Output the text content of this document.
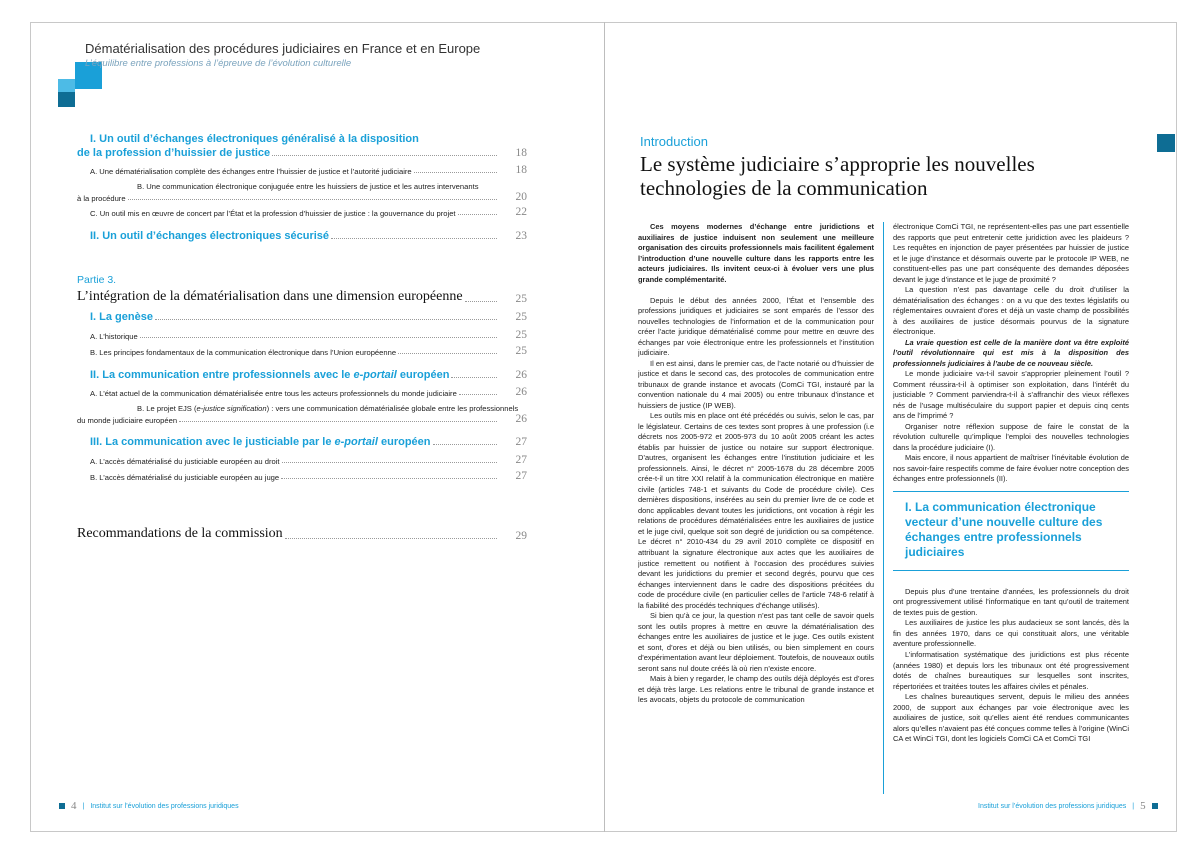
Dématérialisation des procédures judiciaires en France et en Europe
L’équilibre entre professions à l’épreuve de l’évolution culturelle
I. Un outil d’échanges électroniques généralisé à la disposition
de la profession d’huissier de justice	18
A. Une dématérialisation complète des échanges entre l’huissier de justice et l’autorité judiciaire	18
B. Une communication électronique conjuguée entre les huissiers de justice et les autres intervenants
à la procédure	20
C. Un outil mis en œuvre de concert par l’État et la profession d’huissier de justice : la gouvernance du projet	22
II. Un outil d’échanges électroniques sécurisé	23
Partie 3.
L’intégration de la dématérialisation dans une dimension européenne	25
I. La genèse	25
A. L’historique	25
B. Les principes fondamentaux de la communication électronique dans l’Union européenne	25
II. La communication entre professionnels avec le e-portail européen	26
A. L’état actuel de la communication dématérialisée entre tous les acteurs professionnels du monde judiciaire	26
B. Le projet EJS (e-justice signification) : vers une communication dématérialisée globale entre les professionnels
du monde judiciaire européen	26
III. La communication avec le justiciable par le e-portail européen	27
A. L’accès dématérialisé du justiciable européen au droit	27
B. L’accès dématérialisé du justiciable européen au juge	27
Recommandations de la commission	29
4 | Institut sur l’évolution des professions juridiques
Introduction
Le système judiciaire s’approprie les nouvelles
technologies de la communication

Ces moyens modernes d’échange entre juridictions et auxiliaires de justice induisent non seulement une meilleure organisation des circuits professionnels mais facilitent également l’introduction d’une nouvelle culture dans les rapports entre les acteurs judiciaires. Ils invitent ceux-ci à évoluer vers une plus grande complémentarité.

Depuis le début des années 2000, l’État et l’ensemble des professions juridiques et judiciaires se sont emparés de l’essor des nouvelles technologies de l’information et de la communication pour créer l’acte juridique dématérialisé comme pour mettre en œuvre des échanges par voie électronique entre les professionnels et l’institution judiciaire.

Il en est ainsi, dans le premier cas, de l’acte notarié ou d’huissier de justice et dans le second cas, des protocoles de communication entre tribunaux de grande instance et avocats (ComCi TGI, instauré par la convention nationale du 4 mai 2005) ou entre tribunaux d’instance et huissiers de justice (IP WEB).

Les outils mis en place ont été précédés ou suivis, selon le cas, par le législateur. Certains de ces textes sont propres à une profession (i.e décrets nos 2005-972 et 2005-973 du 10 août 2005 créant les actes établis par huissier de justice ou notaire sur support électronique. D’autres, organisent les échanges entre l’institution judiciaire et les professionnels. Ainsi, le décret n° 2005-1678 du 28 décembre 2005 crée-t-il un titre XXI relatif à la communication électronique en matière civile (articles 748-1 et suivants du Code de procédure civile). Ces dernières dispositions, insérées au sein du premier livre de ce code et donc applicables devant toutes les juridictions, ont vocation à régir les relations de procédures dématérialisées entre les auxiliaires de justice et le juge civil, quelque soit son degré de juridiction ou sa compétence. Le décret n° 2010-434 du 29 avril 2010 complète ce dispositif en attribuant la signature électronique aux actes que les auxiliaires de justice remettent ou notifient à l’occasion des procédures suivies devant les juridictions du premier et second degrés, pourvu que ces échanges interviennent dans le cadre des dispositions précitées du code de procédure civile (en particulier celles de l’article 748-6 relatif à la fiabilité des procédés techniques d’échange utilisés).

Si bien qu’à ce jour, la question n’est pas tant celle de savoir quels sont les outils propres à mettre en œuvre la dématérialisation des échanges entre les auxiliaires de justice et le juge. Ces outils existent et sont, d’ores et déjà ou bien utilisés, ou bien simplement en cours d’expérimentation avant leur déploiement. Toutefois, de nouveaux outils seront sans nul doute créés là où rien n’existe encore.

Mais à bien y regarder, le champ des outils déjà déployés est d’ores et déjà très large. Les relations entre le tribunal de grande instance et les avocats, objets du protocole de communication

électronique ComCi TGI, ne représentent-elles pas une part essentielle des rapports que peut entretenir cette juridiction avec les plaideurs ? Les requêtes en injonction de payer présentées par huissier de justice et le juge d’instance et désormais ouverte par le protocole IP WEB, ne constituent-elles pas une part conséquente des demandes déposées devant le juge d’instance et le juge de proximité ?

La question n’est pas davantage celle du droit d’utiliser la dématérialisation des échanges : on a vu que des textes législatifs ou réglementaires ouvraient d’ores et déjà un vaste champ de possibilités à des auxiliaires de justice désormais pourvus de la signature électronique.

La vraie question est celle de la manière dont va être exploité l’outil révolutionnaire qui est mis à la disposition des professionnels judiciaires à l’aube de ce nouveau siècle.

Le monde judiciaire va-t-il savoir s’approprier pleinement l’outil ? Comment réussira-t-il à optimiser son exploitation, dans l’intérêt du justiciable ? Comment parviendra-t-il à s’affranchir des vieux réflexes nés de l’usage multiséculaire du support papier et depuis cinq cents ans de l’imprimé ?

Organiser notre réflexion suppose de faire le constat de la révolution culturelle qu’implique l’emploi des nouvelles technologies dans la procédure judiciaire (I).

Mais encore, il nous appartient de maîtriser l’inévitable évolution de nos savoir-faire respectifs comme de faire évoluer notre conception des échanges entre professionnels (II).

I. La communication électronique vecteur d’une nouvelle culture des échanges entre professionnels judiciaires

Depuis plus d’une trentaine d’années, les professionnels du droit ont progressivement utilisé l’informatique en tant qu’outil de traitement de textes puis de gestion.

Les auxiliaires de justice les plus audacieux se sont lancés, dès la fin des années 1970, dans ce qui constituait alors, une véritable aventure professionnelle.

L’informatisation systématique des juridictions est plus récente (années 1980) et depuis lors les tribunaux ont été progressivement dotés de chaînes bureautiques sur lesquelles sont inscrites, répertoriées et traitées toutes les affaires civiles et pénales.

Les chaînes bureautiques servent, depuis le milieu des années 2000, de support aux échanges par voie électronique avec les auxiliaires de justice, soit qu’elles aient été rendues communicantes alors qu’elles n’avaient pas été conçues comme telles à l’origine (WinCi CA et WinCi TGI, dont les logiciels ComCi CA et ComCi TGI

Institut sur l’évolution des professions juridiques | 5
